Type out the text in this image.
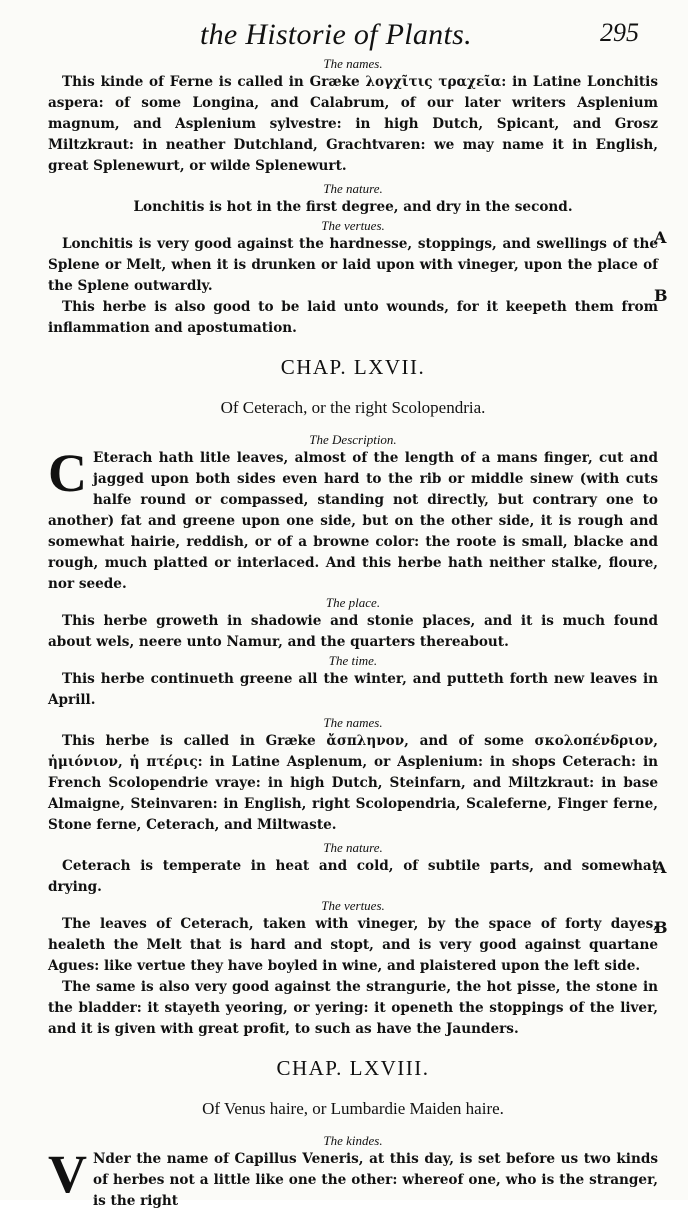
the Historie of Plants.	295

The names.

This kinde of Ferne is called in Græke λογχῖτις τραχεῖα: in Latine Lonchitis aspera: of some Longina, and Calabrum, of our later writers Asplenium magnum, and Asplenium sylvestre: in high Dutch, Spicant, and Grosz Miltzkraut: in neather Dutchland, Grachtvaren: we may name it in English, great Splenewurt, or wilde Splenewurt.

The nature.

Lonchitis is hot in the first degree, and dry in the second.

The vertues.

Lonchitis is very good against the hardnesse, stoppings, and swellings of the Splene or Melt, when it is drunken or laid upon with vineger, upon the place of the Splene outwardly.

This herbe is also good to be laid unto wounds, for it keepeth them from inflammation and apostumation.

CHAP. LXVII.

Of Ceterach, or the right Scolopendria.

The Description.

C Eterach hath litle leaves, almost of the length of a mans finger, cut and jagged upon both sides even hard to the rib or middle sinew (with cuts halfe round or compassed, standing not directly, but contrary one to another) fat and greene upon one side, but on the other side, it is rough and somewhat hairie, reddish, or of a browne color: the roote is small, blacke and rough, much platted or interlaced. And this herbe hath neither stalke, floure, nor seede.

The place.

This herbe groweth in shadowie and stonie places, and it is much found about wels, neere unto Namur, and the quarters thereabout.

The time.

This herbe continueth greene all the winter, and putteth forth new leaves in Aprill.

The names.

This herbe is called in Græke ἄσπληνον, and of some σκολοπένδριον, ἡμιόνιον, ἡ πτέρις: in Latine Asplenum, or Asplenium: in shops Ceterach: in French Scolopendrie vraye: in high Dutch, Steinfarn, and Miltzkraut: in base Almaigne, Steinvaren: in English, right Scolopendria, Scaleferne, Finger ferne, Stone ferne, Ceterach, and Miltwaste.

The nature.

Ceterach is temperate in heat and cold, of subtile parts, and somewhat drying.

The vertues.

The leaves of Ceterach, taken with vineger, by the space of forty dayes, healeth the Melt that is hard and stopt, and is very good against quartane Agues: like vertue they have boyled in wine, and plaistered upon the left side.

The same is also very good against the strangurie, the hot pisse, the stone in the bladder: it stayeth yeoring, or yering: it openeth the stoppings of the liver, and it is given with great profit, to such as have the Jaunders.

CHAP. LXVIII.

Of Venus haire, or Lumbardie Maiden haire.

The kindes.

V Nder the name of Capillus Veneris, at this day, is set before us two kinds of herbes not a little like one the other: whereof one, who is the stranger, is the right

A
B
A
B
